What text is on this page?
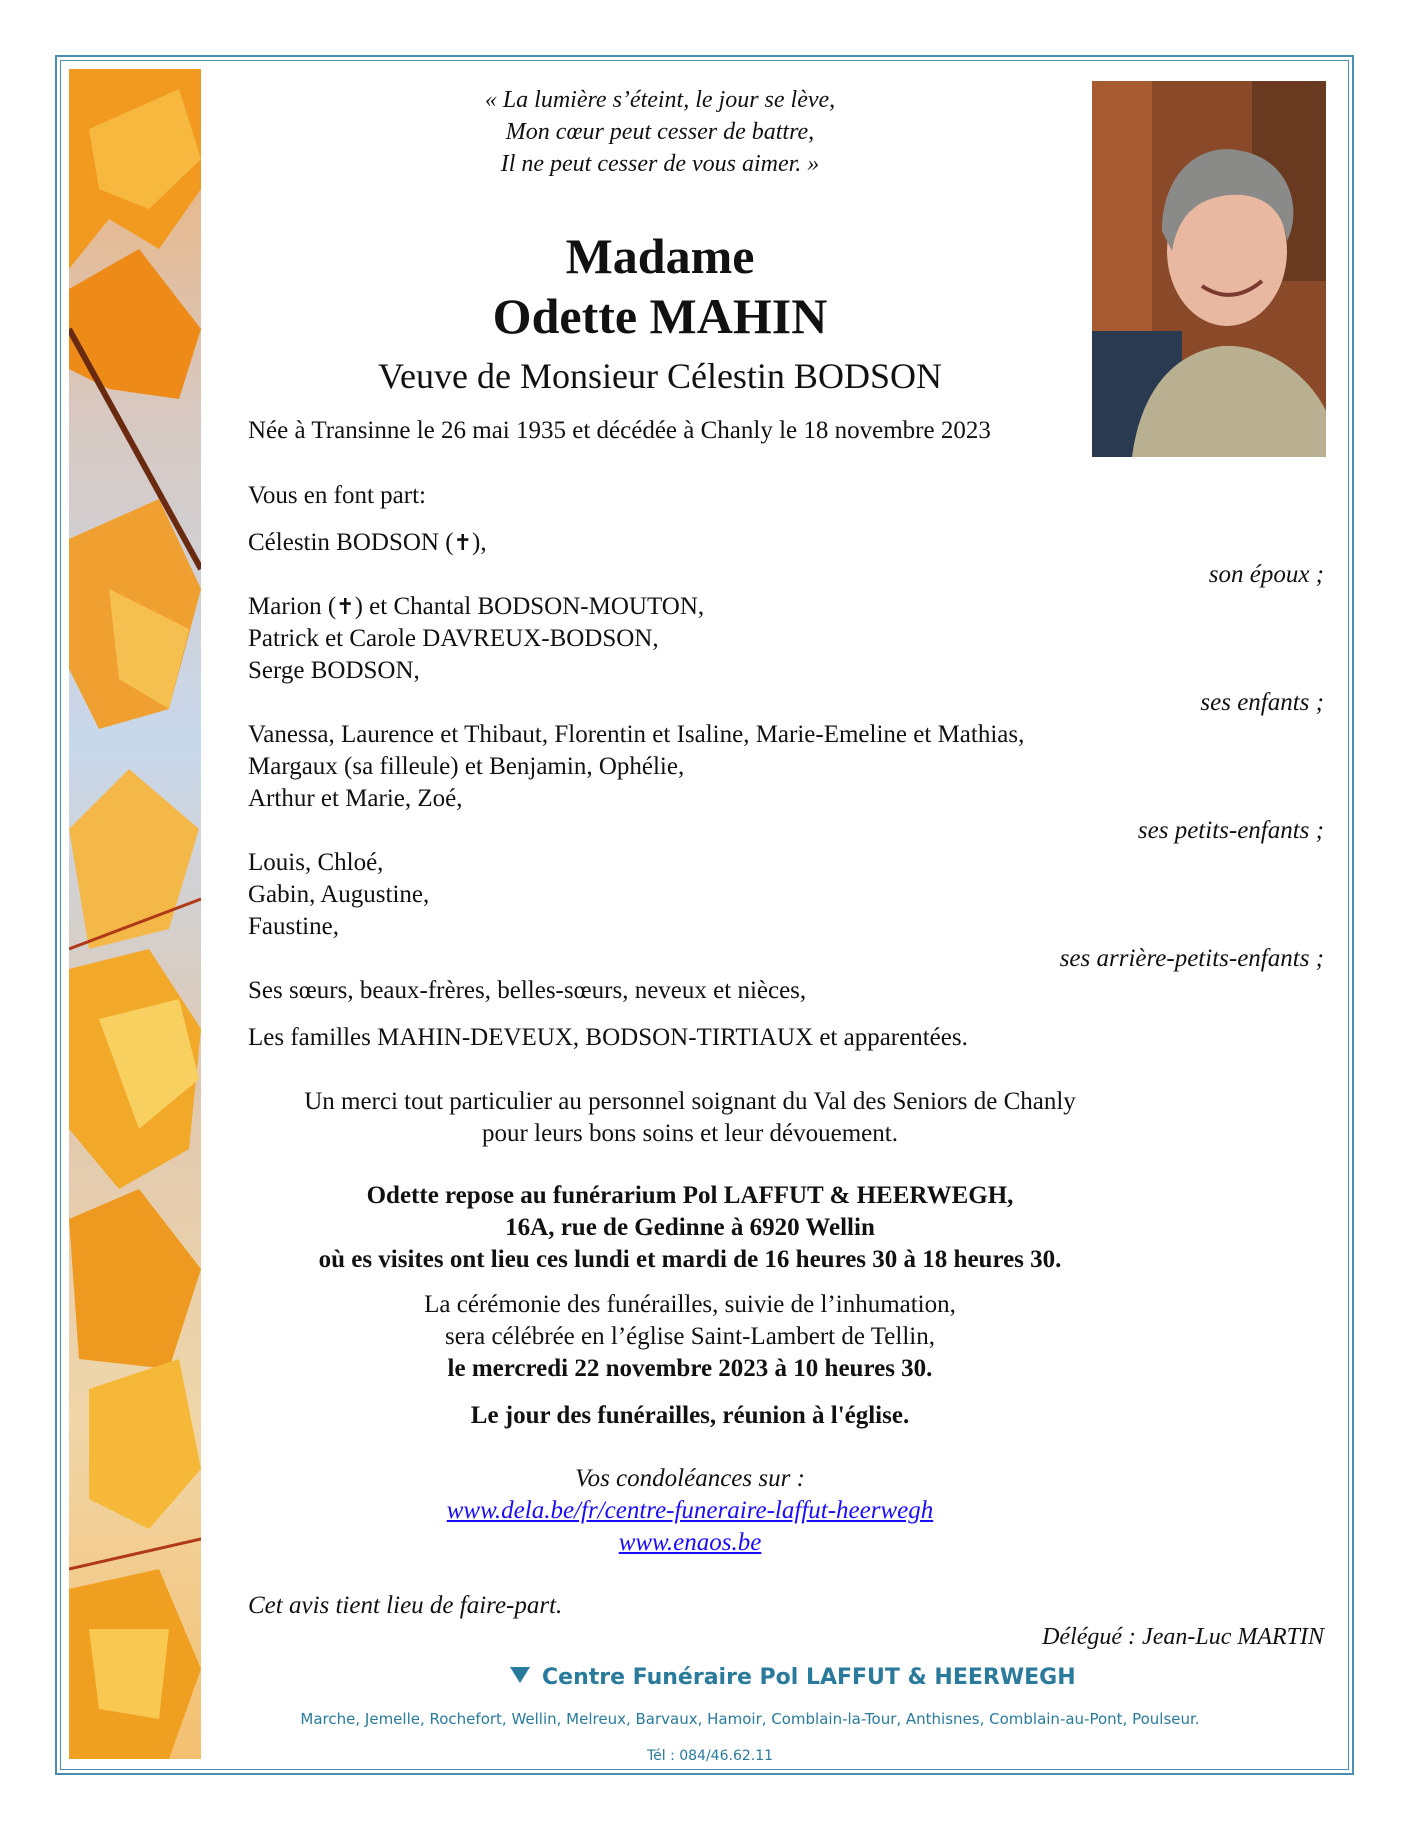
« La lumière s’éteint, le jour se lève,
Mon cœur peut cesser de battre,
Il ne peut cesser de vous aimer. »
Madame
Odette MAHIN
Veuve de Monsieur Célestin BODSON
Née à Transinne le 26 mai 1935 et décédée à Chanly le 18 novembre 2023
Vous en font part:
Célestin BODSON (✝),
son époux ;
Marion (✝) et Chantal BODSON-MOUTON,
Patrick et Carole DAVREUX-BODSON,
Serge BODSON,
ses enfants ;
Vanessa, Laurence et Thibaut, Florentin et Isaline, Marie-Emeline et Mathias,
Margaux (sa filleule) et Benjamin, Ophélie,
Arthur et Marie, Zoé,
ses petits-enfants ;
Louis, Chloé,
Gabin, Augustine,
Faustine,
ses arrière-petits-enfants ;
Ses sœurs, beaux-frères, belles-sœurs, neveux et nièces,
Les familles MAHIN-DEVEUX, BODSON-TIRTIAUX et apparentées.
Un merci tout particulier au personnel soignant du Val des Seniors de Chanly
pour leurs bons soins et leur dévouement.
Odette repose au funérarium Pol LAFFUT & HEERWEGH,
16A, rue de Gedinne à 6920 Wellin
où es visites ont lieu ces lundi et mardi de 16 heures 30 à 18 heures 30.
La cérémonie des funérailles, suivie de l’inhumation,
sera célébrée en l’église Saint-Lambert de Tellin,
le mercredi 22 novembre 2023 à 10 heures 30.
Le jour des funérailles, réunion à l'église.
Vos condoléances sur :
www.dela.be/fr/centre-funeraire-laffut-heerwegh
www.enaos.be
Cet avis tient lieu de faire-part.
Délégué : Jean-Luc MARTIN
Centre Funéraire Pol LAFFUT & HEERWEGH
Marche, Jemelle, Rochefort, Wellin, Melreux, Barvaux, Hamoir, Comblain-la-Tour, Anthisnes, Comblain-au-Pont, Poulseur.
Tél : 084/46.62.11
